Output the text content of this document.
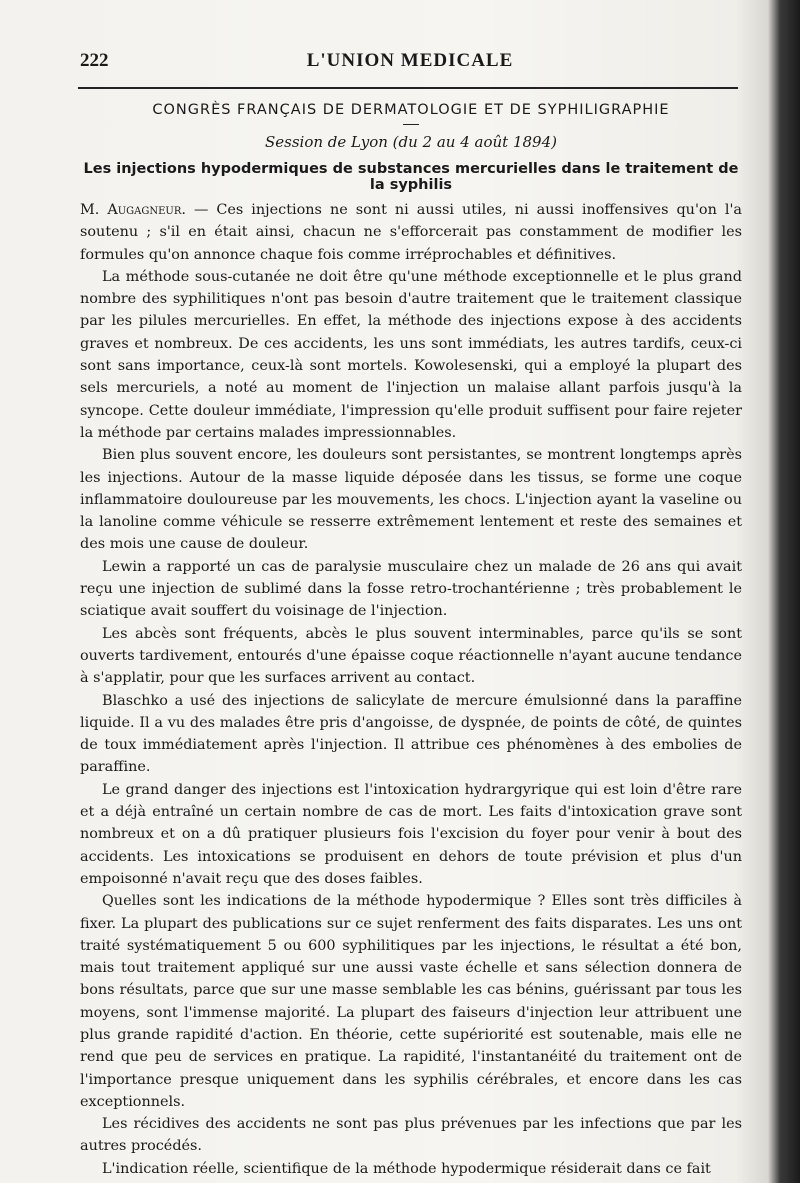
222	L'UNION MEDICALE
CONGRÈS FRANÇAIS DE DERMATOLOGIE ET DE SYPHILIGRAPHIE
Session de Lyon (du 2 au 4 août 1894)
Les injections hypodermiques de substances mercurielles dans le traitement de la syphilis

M. Augagneur. — Ces injections ne sont ni aussi utiles, ni aussi inoffensives qu'on l'a soutenu ; s'il en était ainsi, chacun ne s'efforcerait pas constamment de modifier les formules qu'on annonce chaque fois comme irréprochables et définitives.

La méthode sous-cutanée ne doit être qu'une méthode exceptionnelle et le plus grand nombre des syphilitiques n'ont pas besoin d'autre traitement que le traitement classique par les pilules mercurielles. En effet, la méthode des injections expose à des accidents graves et nombreux. De ces accidents, les uns sont immédiats, les autres tardifs, ceux-ci sont sans importance, ceux-là sont mortels. Kowolesenski, qui a employé la plupart des sels mercuriels, a noté au moment de l'injection un malaise allant parfois jusqu'à la syncope. Cette douleur immédiate, l'impression qu'elle produit suffisent pour faire rejeter la méthode par certains malades impressionnables.

Bien plus souvent encore, les douleurs sont persistantes, se montrent longtemps après les injections. Autour de la masse liquide déposée dans les tissus, se forme une coque inflammatoire douloureuse par les mouvements, les chocs. L'injection ayant la vaseline ou la lanoline comme véhicule se resserre extrêmement lentement et reste des semaines et des mois une cause de douleur.

Lewin a rapporté un cas de paralysie musculaire chez un malade de 26 ans qui avait reçu une injection de sublimé dans la fosse retro-trochantérienne ; très probablement le sciatique avait souffert du voisinage de l'injection.

Les abcès sont fréquents, abcès le plus souvent interminables, parce qu'ils se sont ouverts tardivement, entourés d'une épaisse coque réactionnelle n'ayant aucune tendance à s'applatir, pour que les surfaces arrivent au contact.

Blaschko a usé des injections de salicylate de mercure émulsionné dans la paraffine liquide. Il a vu des malades être pris d'angoisse, de dyspnée, de points de côté, de quintes de toux immédiatement après l'injection. Il attribue ces phénomènes à des embolies de paraffine.

Le grand danger des injections est l'intoxication hydrargyrique qui est loin d'être rare et a déjà entraîné un certain nombre de cas de mort. Les faits d'intoxication grave sont nombreux et on a dû pratiquer plusieurs fois l'excision du foyer pour venir à bout des accidents. Les intoxications se produisent en dehors de toute prévision et plus d'un empoisonné n'avait reçu que des doses faibles.

Quelles sont les indications de la méthode hypodermique ? Elles sont très difficiles à fixer. La plupart des publications sur ce sujet renferment des faits disparates. Les uns ont traité systématiquement 5 ou 600 syphilitiques par les injections, le résultat a été bon, mais tout traitement appliqué sur une aussi vaste échelle et sans sélection donnera de bons résultats, parce que sur une masse semblable les cas bénins, guérissant par tous les moyens, sont l'immense majorité. La plupart des faiseurs d'injection leur attribuent une plus grande rapidité d'action. En théorie, cette supériorité est soutenable, mais elle ne rend que peu de services en pratique. La rapidité, l'instantanéité du traitement ont de l'importance presque uniquement dans les syphilis cérébrales, et encore dans les cas exceptionnels.

Les récidives des accidents ne sont pas plus prévenues par les infections que par les autres procédés.

L'indication réelle, scientifique de la méthode hypodermique résiderait dans ce fait
